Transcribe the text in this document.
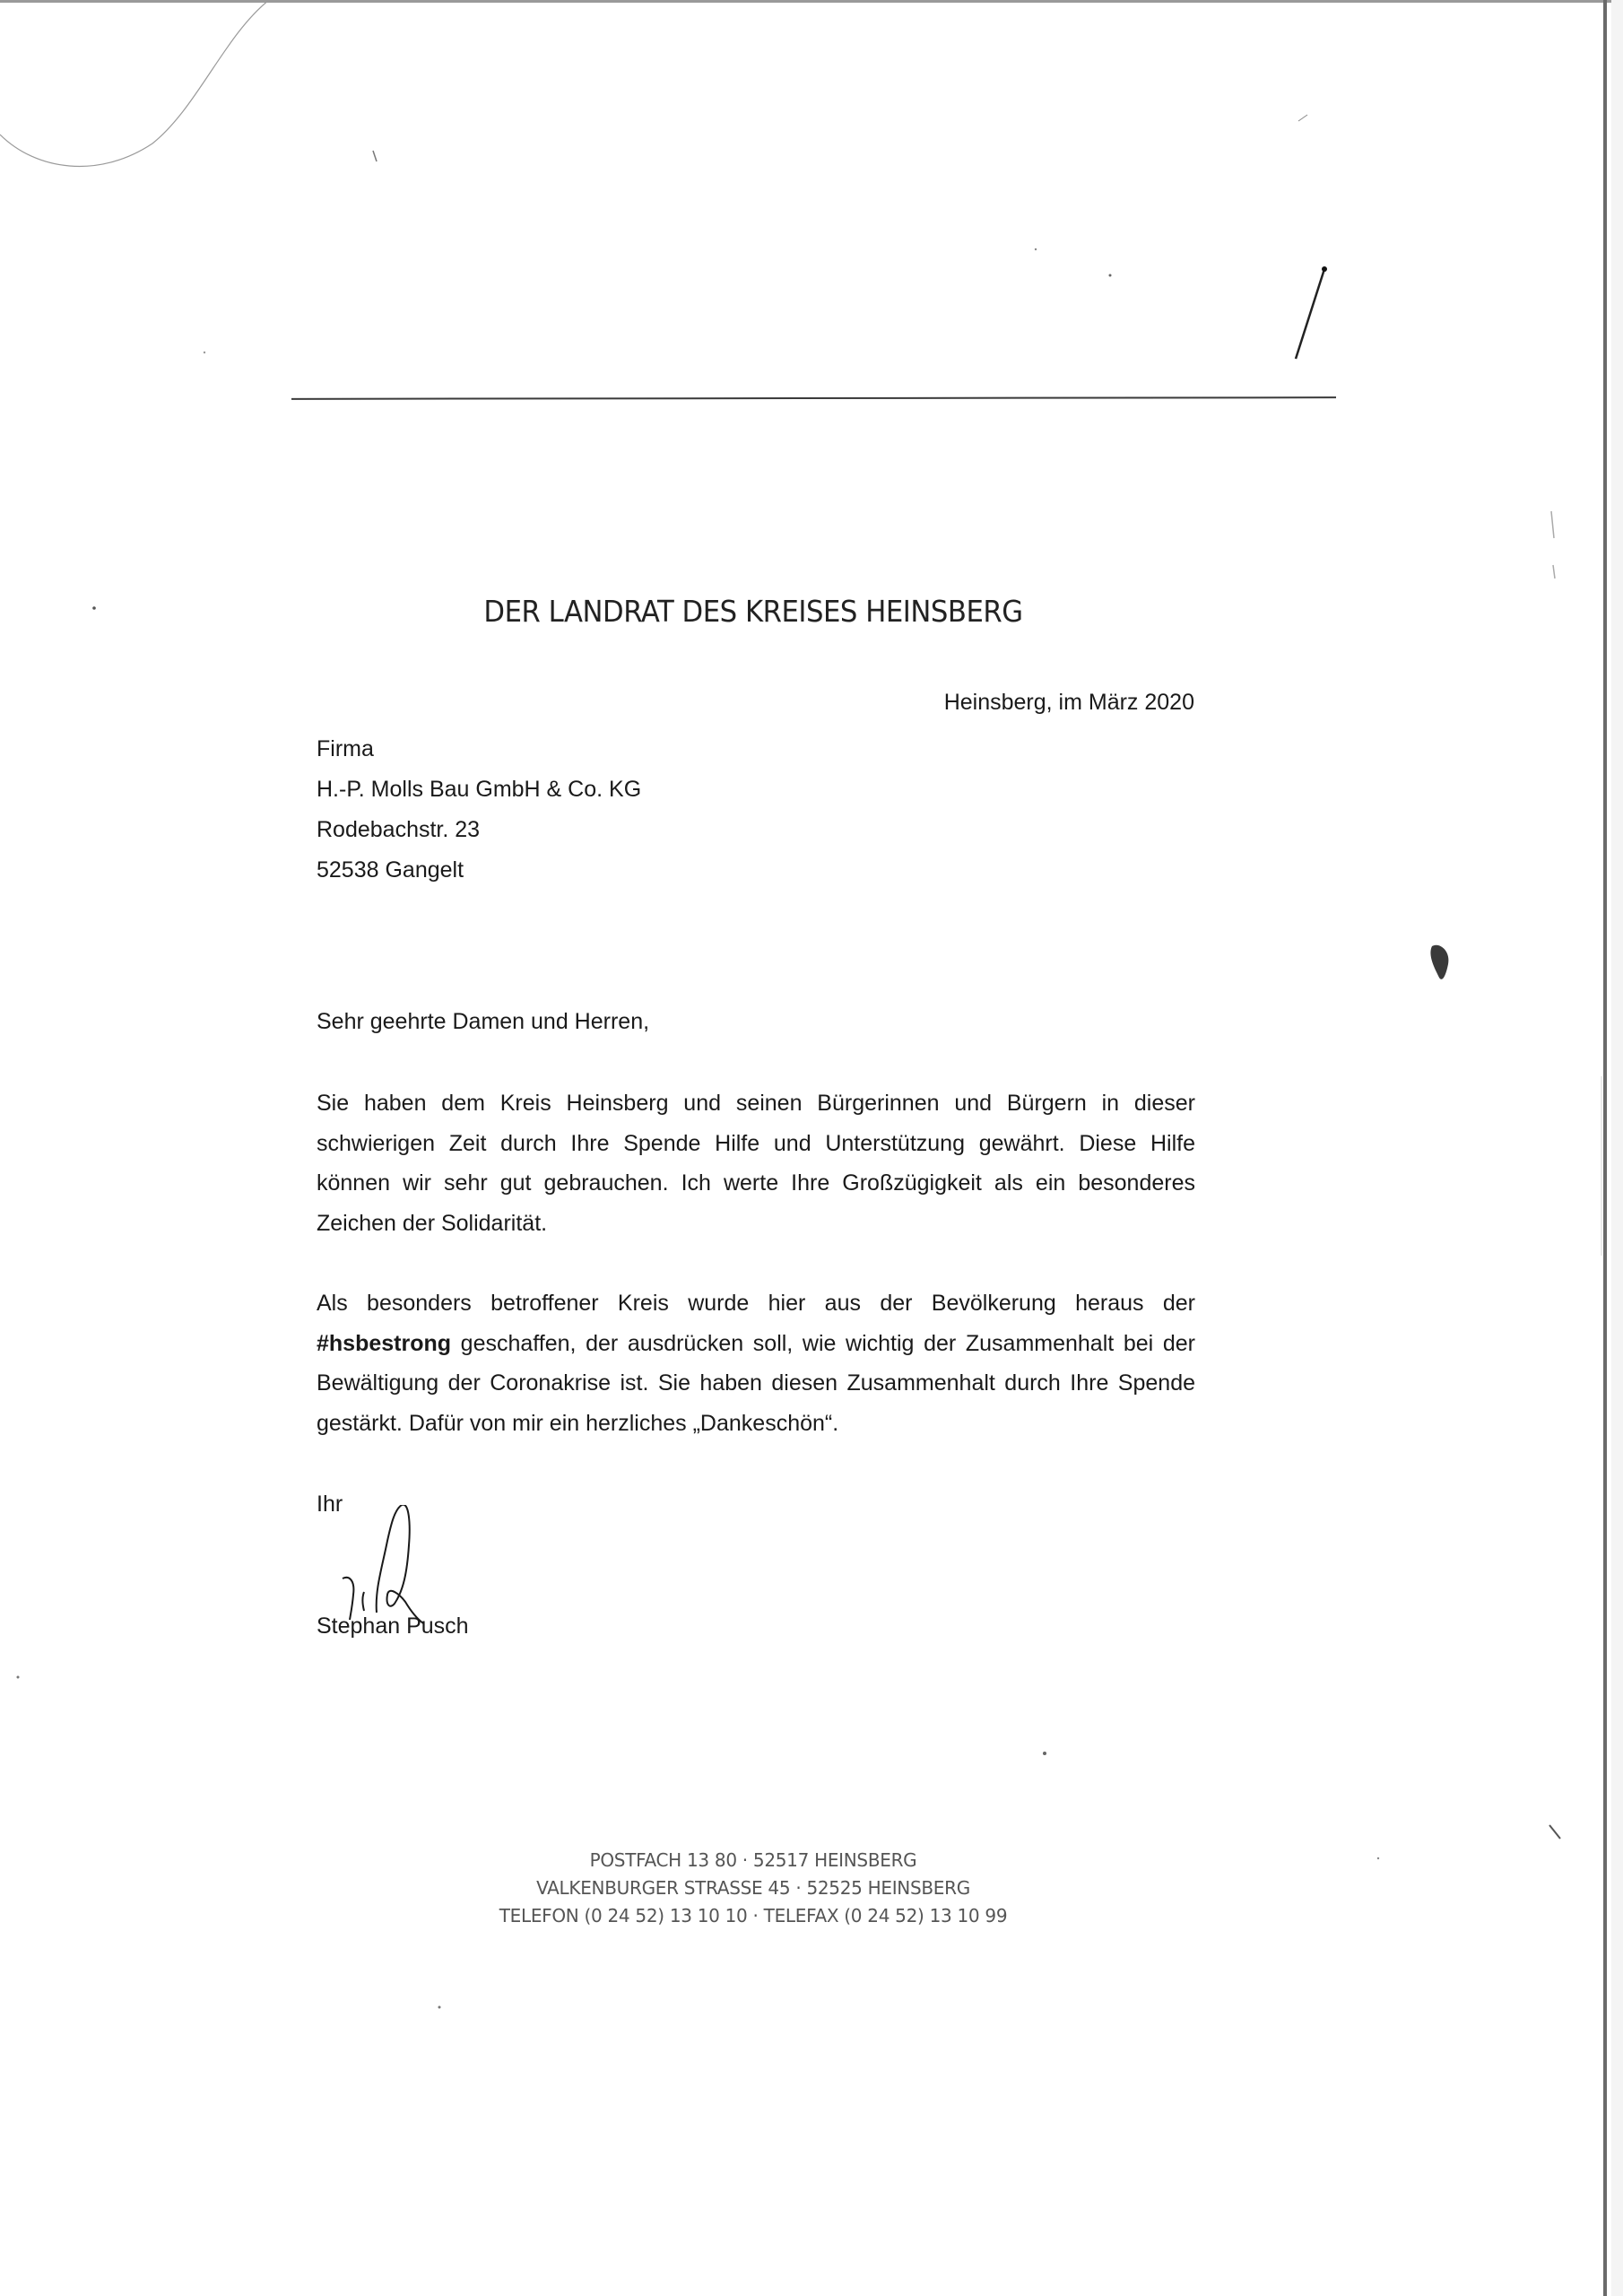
DER LANDRAT DES KREISES HEINSBERG
Heinsberg, im März 2020
Firma
H.-P. Molls Bau GmbH & Co. KG
Rodebachstr. 23
52538 Gangelt
Sehr geehrte Damen und Herren,
Sie haben dem Kreis Heinsberg und seinen Bürgerinnen und Bürgern in dieser schwierigen Zeit durch Ihre Spende Hilfe und Unterstützung gewährt. Diese Hilfe können wir sehr gut gebrauchen. Ich werte Ihre Großzügigkeit als ein besonderes Zeichen der Solidarität.
Als besonders betroffener Kreis wurde hier aus der Bevölkerung heraus der #hsbestrong geschaffen, der ausdrücken soll, wie wichtig der Zusammenhalt bei der Bewältigung der Coronakrise ist. Sie haben diesen Zusammenhalt durch Ihre Spende gestärkt. Dafür von mir ein herzliches „Dankeschön“.
Ihr
Stephan Pusch
POSTFACH 13 80 · 52517 HEINSBERG
VALKENBURGER STRASSE 45 · 52525 HEINSBERG
TELEFON (0 24 52) 13 10 10 · TELEFAX (0 24 52) 13 10 99
